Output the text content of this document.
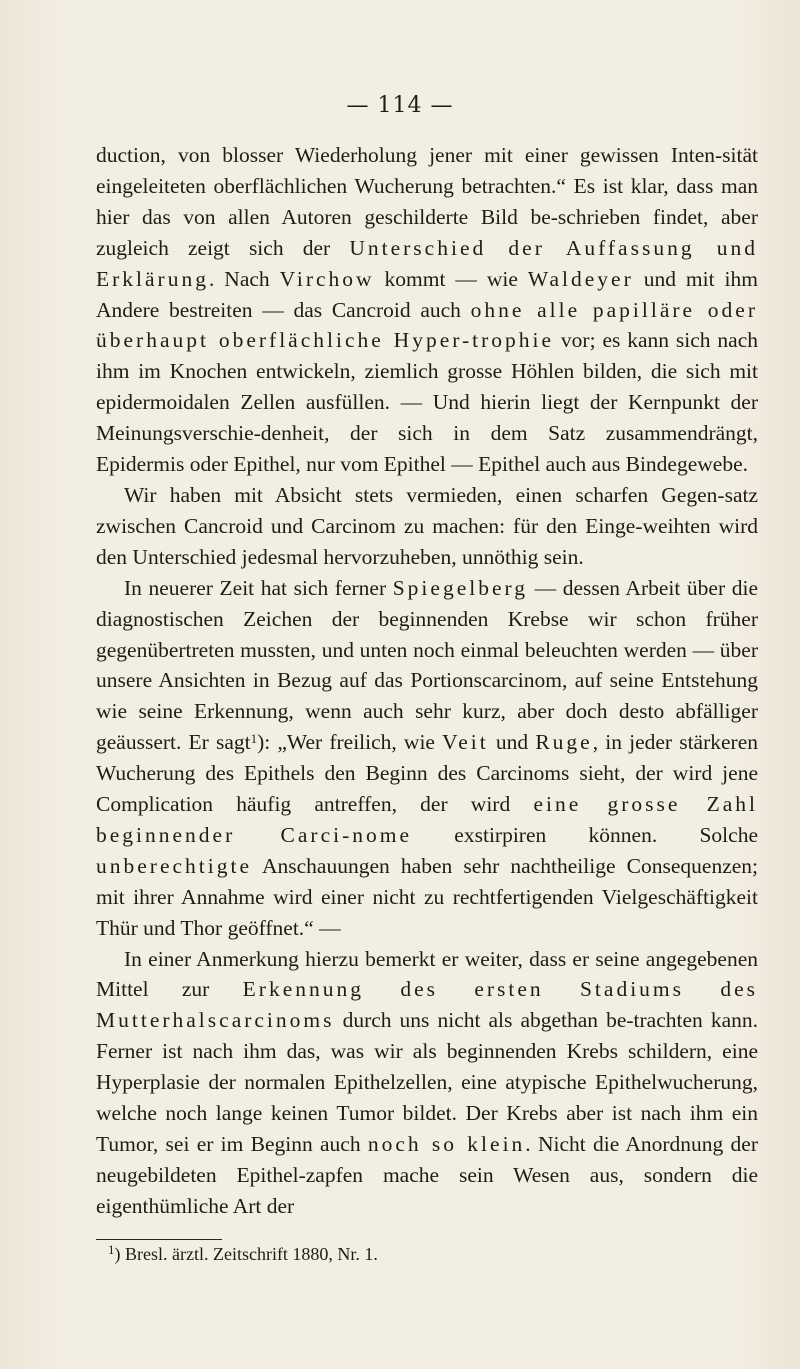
— 114 —

duction, von blosser Wiederholung jener mit einer gewissen Inten-sität eingeleiteten oberflächlichen Wucherung betrachten.“ Es ist klar, dass man hier das von allen Autoren geschilderte Bild be-schrieben findet, aber zugleich zeigt sich der Unterschied der Auffassung und Erklärung. Nach Virchow kommt — wie Waldeyer und mit ihm Andere bestreiten — das Cancroid auch ohne alle papilläre oder überhaupt oberflächliche Hyper-trophie vor; es kann sich nach ihm im Knochen entwickeln, ziemlich grosse Höhlen bilden, die sich mit epidermoidalen Zellen ausfüllen. — Und hierin liegt der Kernpunkt der Meinungsverschie-denheit, der sich in dem Satz zusammendrängt, Epidermis oder Epithel, nur vom Epithel — Epithel auch aus Bindegewebe.

Wir haben mit Absicht stets vermieden, einen scharfen Gegen-satz zwischen Cancroid und Carcinom zu machen: für den Einge-weihten wird den Unterschied jedesmal hervorzuheben, unnöthig sein.

In neuerer Zeit hat sich ferner Spiegelberg — dessen Arbeit über die diagnostischen Zeichen der beginnenden Krebse wir schon früher gegenübertreten mussten, und unten noch einmal beleuchten werden — über unsere Ansichten in Bezug auf das Portionscarcinom, auf seine Entstehung wie seine Erkennung, wenn auch sehr kurz, aber doch desto abfälliger geäussert. Er sagt$^1$): „Wer freilich, wie Veit und Ruge, in jeder stärkeren Wucherung des Epithels den Beginn des Carcinoms sieht, der wird jene Complication häufig antreffen, der wird eine grosse Zahl beginnender Carci-nome exstirpiren können. Solche unberechtigte Anschauungen haben sehr nachtheilige Consequenzen; mit ihrer Annahme wird einer nicht zu rechtfertigenden Vielgeschäftigkeit Thür und Thor geöffnet.“ —

In einer Anmerkung hierzu bemerkt er weiter, dass er seine angegebenen Mittel zur Erkennung des ersten Stadiums des Mutterhalscarcinoms durch uns nicht als abgethan be-trachten kann. Ferner ist nach ihm das, was wir als beginnenden Krebs schildern, eine Hyperplasie der normalen Epithelzellen, eine atypische Epithelwucherung, welche noch lange keinen Tumor bildet. Der Krebs aber ist nach ihm ein Tumor, sei er im Beginn auch noch so klein. Nicht die Anordnung der neugebildeten Epithel-zapfen mache sein Wesen aus, sondern die eigenthümliche Art der

$^1$) Bresl. ärztl. Zeitschrift 1880, Nr. 1.
